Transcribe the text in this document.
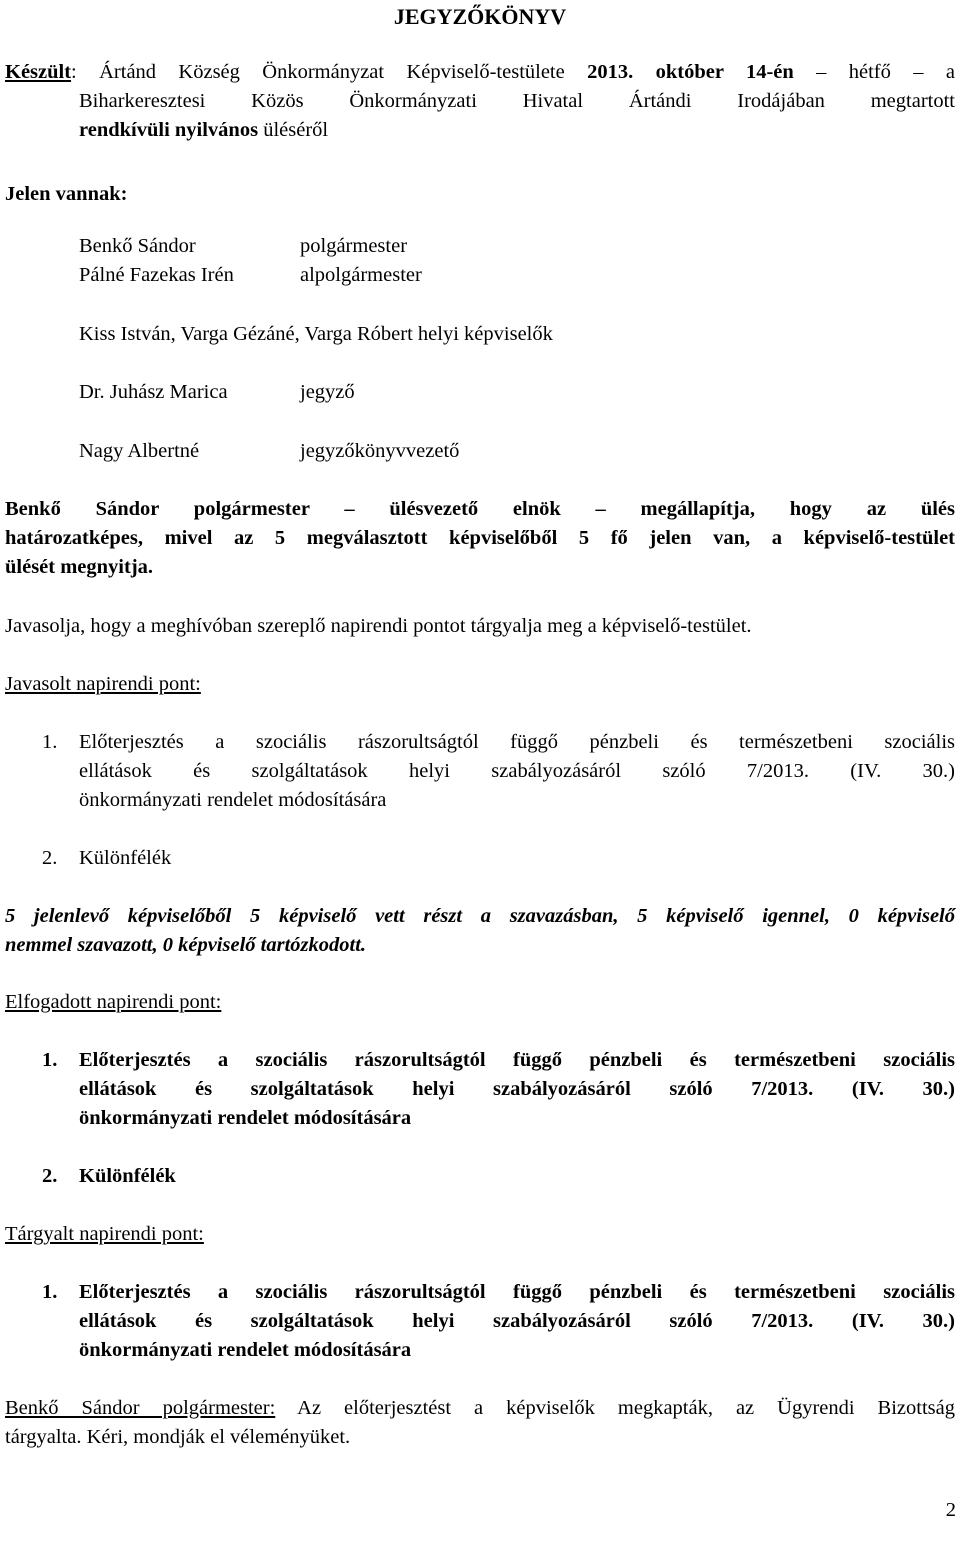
JEGYZŐKÖNYV
Készült: Ártánd Község Önkormányzat Képviselő-testülete 2013. október 14-én – hétfő – a
Biharkeresztesi Közös Önkormányzati Hivatal Ártándi Irodájában megtartott
rendkívüli nyilvános üléséről
Jelen vannak:
Benkő Sándor	polgármester
Pálné Fazekas Irén	alpolgármester
Kiss István, Varga Gézáné, Varga Róbert helyi képviselők
Dr. Juhász Marica	jegyző
Nagy Albertné	jegyzőkönyvvezető
Benkő Sándor polgármester – ülésvezető elnök – megállapítja, hogy az ülés
határozatképes, mivel az 5 megválasztott képviselőből 5 fő jelen van, a képviselő-testület
ülését megnyitja.
Javasolja, hogy a meghívóban szereplő napirendi pontot tárgyalja meg a képviselő-testület.
Javasolt napirendi pont:
1. Előterjesztés a szociális rászorultságtól függő pénzbeli és természetbeni szociális
ellátások és szolgáltatások helyi szabályozásáról szóló 7/2013. (IV. 30.)
önkormányzati rendelet módosítására
2. Különfélék
5 jelenlevő képviselőből 5 képviselő vett részt a szavazásban, 5 képviselő igennel, 0 képviselő
nemmel szavazott, 0 képviselő tartózkodott.
Elfogadott napirendi pont:
1. Előterjesztés a szociális rászorultságtól függő pénzbeli és természetbeni szociális
ellátások és szolgáltatások helyi szabályozásáról szóló 7/2013. (IV. 30.)
önkormányzati rendelet módosítására
2. Különfélék
Tárgyalt napirendi pont:
1. Előterjesztés a szociális rászorultságtól függő pénzbeli és természetbeni szociális
ellátások és szolgáltatások helyi szabályozásáról szóló 7/2013. (IV. 30.)
önkormányzati rendelet módosítására
Benkő Sándor polgármester: Az előterjesztést a képviselők megkapták, az Ügyrendi Bizottság
tárgyalta. Kéri, mondják el véleményüket.
2
